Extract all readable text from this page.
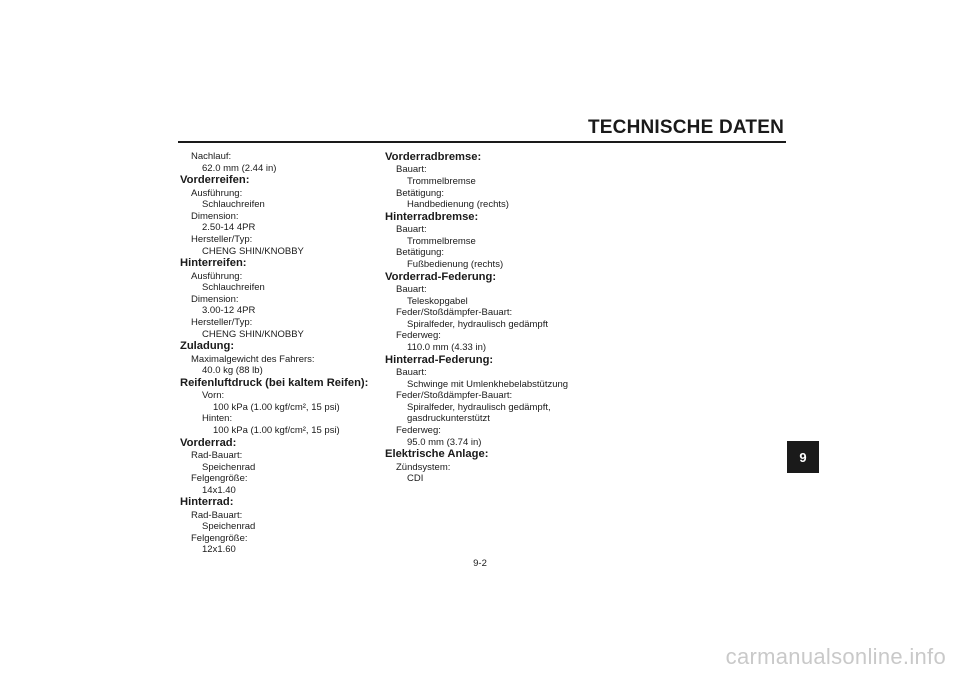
TECHNISCHE DATEN
Nachlauf:
62.0 mm (2.44 in)
Vorderreifen:
Ausführung:
Schlauchreifen
Dimension:
2.50-14 4PR
Hersteller/Typ:
CHENG SHIN/KNOBBY
Hinterreifen:
Ausführung:
Schlauchreifen
Dimension:
3.00-12 4PR
Hersteller/Typ:
CHENG SHIN/KNOBBY
Zuladung:
Maximalgewicht des Fahrers:
40.0 kg (88 lb)
Reifenluftdruck (bei kaltem Reifen):
Vorn:
100 kPa (1.00 kgf/cm², 15 psi)
Hinten:
100 kPa (1.00 kgf/cm², 15 psi)
Vorderrad:
Rad-Bauart:
Speichenrad
Felgengröße:
14x1.40
Hinterrad:
Rad-Bauart:
Speichenrad
Felgengröße:
12x1.60
Vorderradbremse:
Bauart:
Trommelbremse
Betätigung:
Handbedienung (rechts)
Hinterradbremse:
Bauart:
Trommelbremse
Betätigung:
Fußbedienung (rechts)
Vorderrad-Federung:
Bauart:
Teleskopgabel
Feder/Stoßdämpfer-Bauart:
Spiralfeder, hydraulisch gedämpft
Federweg:
110.0 mm (4.33 in)
Hinterrad-Federung:
Bauart:
Schwinge mit Umlenkhebelabstützung
Feder/Stoßdämpfer-Bauart:
Spiralfeder, hydraulisch gedämpft,
gasdruckunterstützt
Federweg:
95.0 mm (3.74 in)
Elektrische Anlage:
Zündsystem:
CDI
9
9-2
carmanualsonline.info
